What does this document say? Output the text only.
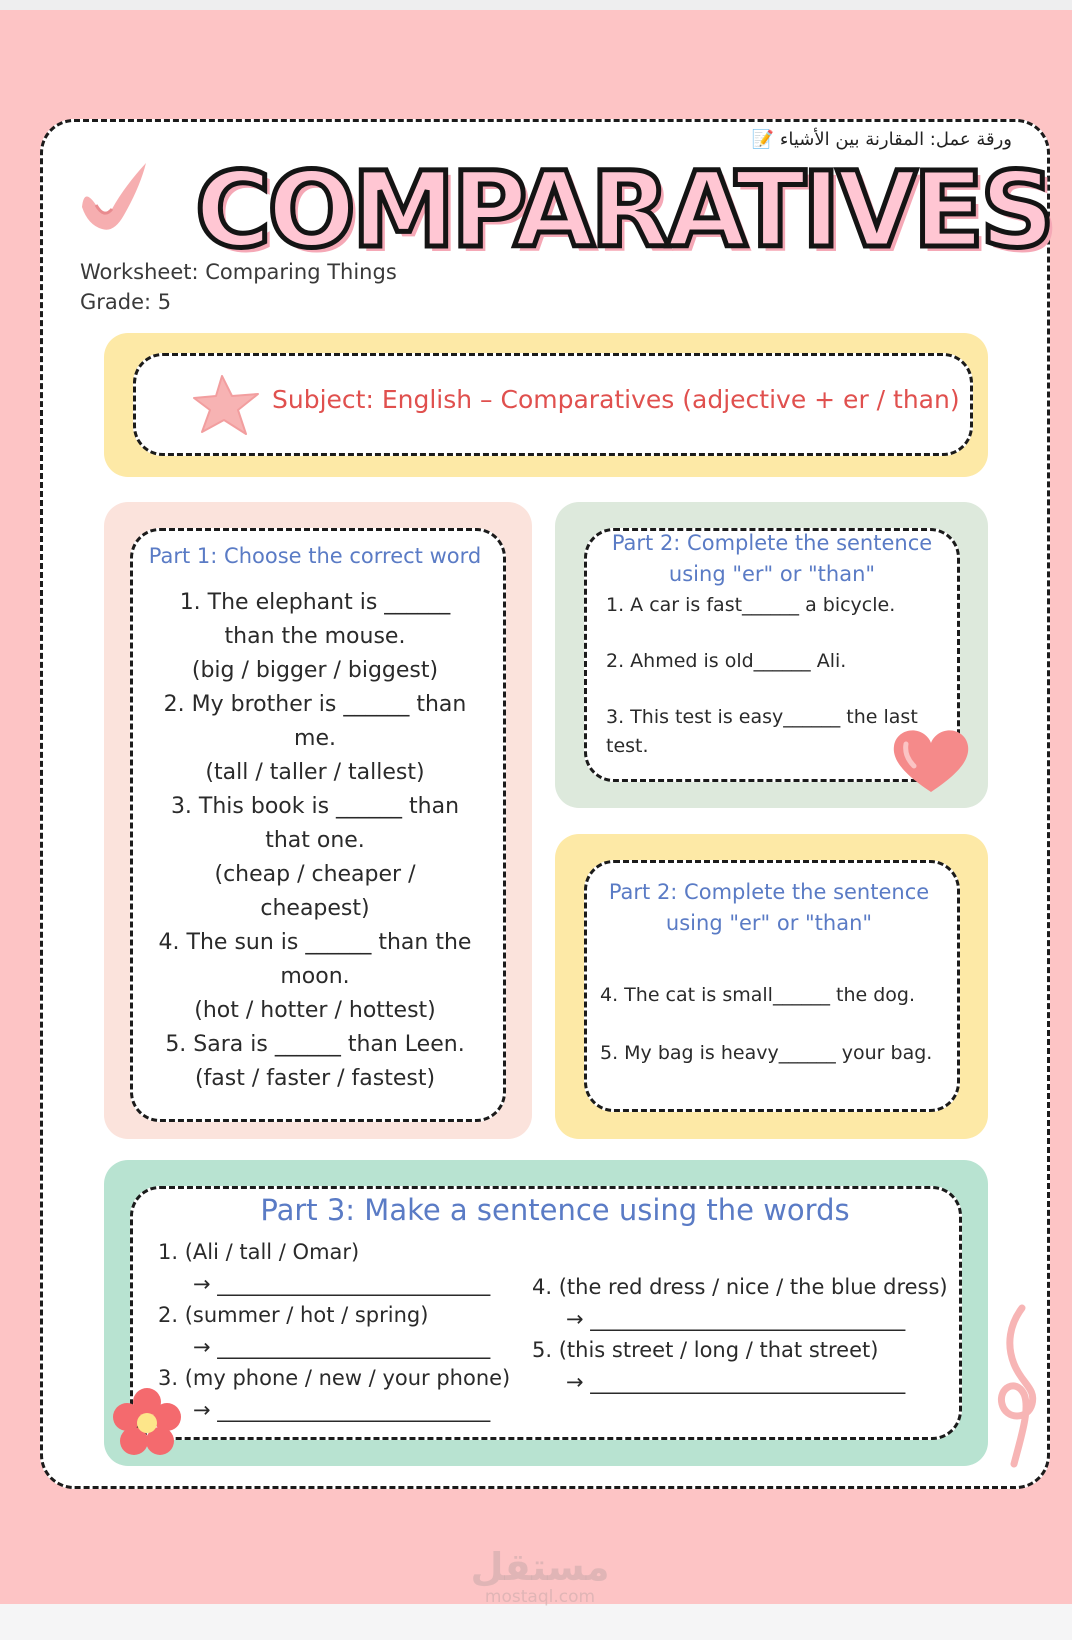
ورقة عمل: المقارنة بين الأشياء 📝
COMPARATIVES
Worksheet: Comparing Things
Grade: 5
Subject: English – Comparatives (adjective + er / than)
Part 1: Choose the correct word
1. The elephant is ______
than the mouse.
(big / bigger / biggest)
2. My brother is ______ than
me.
(tall / taller / tallest)
3. This book is ______ than
that one.
(cheap / cheaper /
cheapest)
4. The sun is ______ than the
moon.
(hot / hotter / hottest)
5. Sara is ______ than Leen.
(fast / faster / fastest)
Part 2: Complete the sentence
using "er" or "than"
1. A car is fast______ a bicycle.
2. Ahmed is old______ Ali.
3. This test is easy______ the last
test.
Part 2: Complete the sentence
using "er" or "than"
4. The cat is small______ the dog.
5. My bag is heavy______ your bag.
Part 3: Make a sentence using the words
1. (Ali / tall / Omar)
→ __________________________
2. (summer / hot / spring)
→ __________________________
3. (my phone / new / your phone)
→ __________________________
4. (the red dress / nice / the blue dress)
→ ______________________________
5. (this street / long / that street)
→ ______________________________
مستقل
mostaql.com
